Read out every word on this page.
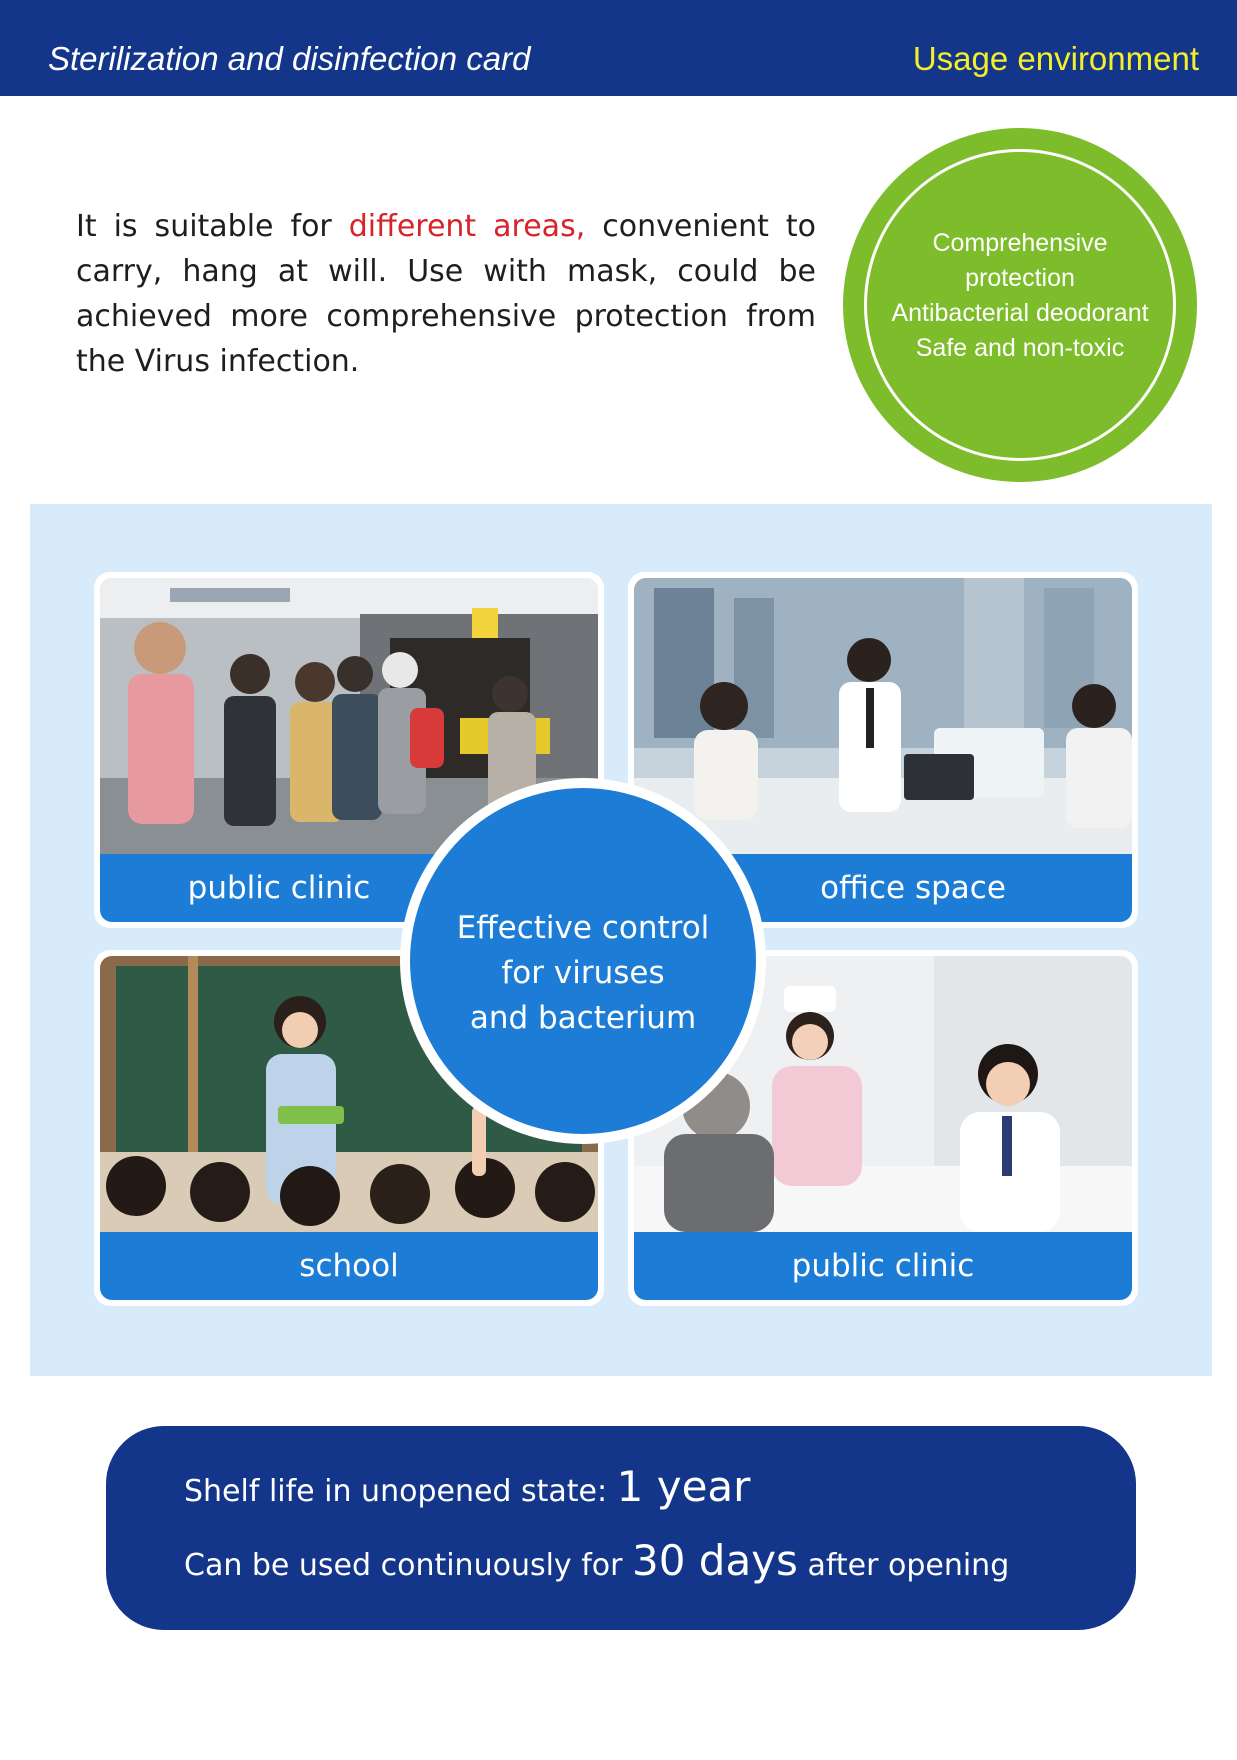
Sterilization and disinfection card	Usage environment

It is suitable for different areas, convenient to carry, hang at will. Use with mask, could be achieved more comprehensive protection from the Virus infection.

Comprehensive
protection
Antibacterial deodorant
Safe and non-toxic
public clinic	office space
school	public clinic
Effective control
for viruses
and bacterium
Shelf life in unopened state: 1 year
Can be used continuously for 30 days after opening
